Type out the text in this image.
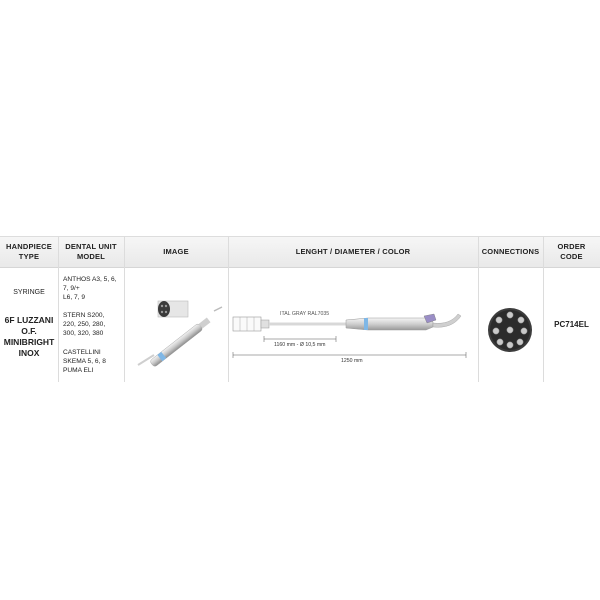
HANDPIECE
TYPE
DENTAL UNIT
MODEL
IMAGE	LENGHT / DIAMETER / COLOR	CONNECTIONS
ORDER
CODE
SYRINGE
6F LUZZANI
O.F.
MINIBRIGHT
INOX
ANTHOS A3, 5, 6,
7, 9/+
L6, 7, 9
STERN S200,
220, 250, 280,
300, 320, 380
CASTELLINI
SKEMA 5, 6, 8
PUMA ELI
ITAL GRAY RAL7035
1160 mm - Ø 10,5 mm
1250 mm
PC714EL
